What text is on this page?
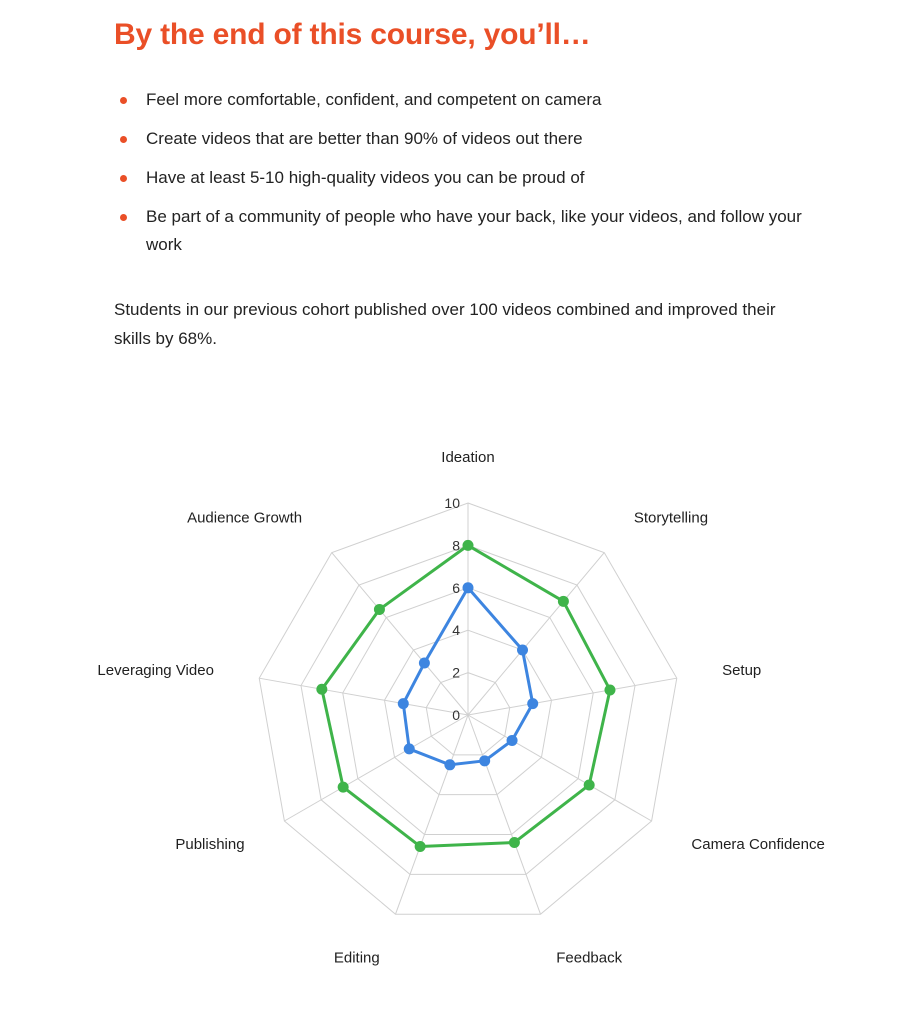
By the end of this course, you’ll…
Feel more comfortable, confident, and competent on camera
Create videos that are better than 90% of videos out there
Have at least 5-10 high-quality videos you can be proud of
Be part of a community of people who have your back, like your videos, and follow your work
Students in our previous cohort published over 100 videos combined and improved their skills by 68%.
0
2
4
6
8
10
Ideation
Storytelling
Setup
Camera Confidence
Feedback
Editing
Publishing
Leveraging Video
Audience Growth
